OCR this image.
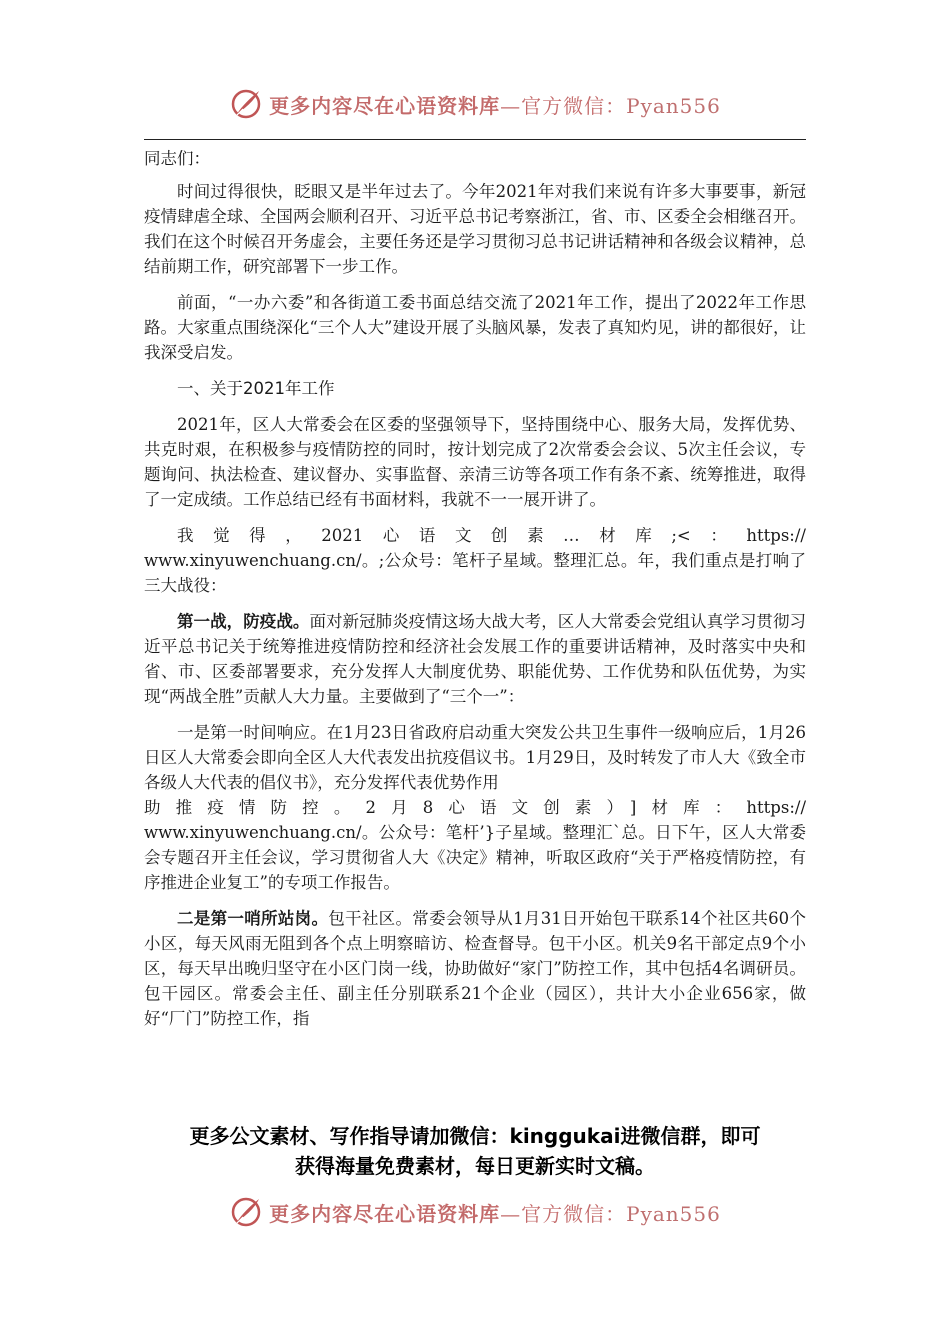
更多内容尽在心语资料库—官方微信：Pyan556

同志们：

时间过得很快，眨眼又是半年过去了。今年2021年对我们来说有许多大事要事，新冠疫情肆虐全球、全国两会顺利召开、习近平总书记考察浙江，省、市、区委全会相继召开。我们在这个时候召开务虚会，主要任务还是学习贯彻习总书记讲话精神和各级会议精神，总结前期工作，研究部署下一步工作。

前面，“一办六委”和各街道工委书面总结交流了2021年工作，提出了2022年工作思路。大家重点围绕深化“三个人大”建设开展了头脑风暴，发表了真知灼见，讲的都很好，让我深受启发。

一、关于2021年工作

2021年，区人大常委会在区委的坚强领导下，坚持围绕中心、服务大局，发挥优势、共克时艰，在积极参与疫情防控的同时，按计划完成了2次常委会会议、5次主任会议，专题询问、执法检查、建议督办、实事监督、亲清三访等各项工作有条不紊、统筹推进，取得了一定成绩。工作总结已经有书面材料，我就不一一展开讲了。

我觉得，2021心语文创素…材库;<：https://
www.xinyuwenchuang.cn/。;公众号：笔杆子星域。整理汇总。年，我们重点是打响了三大战役：

第一战，防疫战。面对新冠肺炎疫情这场大战大考，区人大常委会党组认真学习贯彻习近平总书记关于统筹推进疫情防控和经济社会发展工作的重要讲话精神，及时落实中央和省、市、区委部署要求，充分发挥人大制度优势、职能优势、工作优势和队伍优势，为实现“两战全胜”贡献人大力量。主要做到了“三个一”：

一是第一时间响应。在1月23日省政府启动重大突发公共卫生事件一级响应后，1月26日区人大常委会即向全区人大代表发出抗疫倡议书。1月29日，及时转发了市人大《致全市各级人大代表的倡仪书》，充分发挥代表优势作用
助推疫情防控。2月8心语文创素）]材库：https://
www.xinyuwenchuang.cn/。公众号：笔杆’}子星域。整理汇`总。日下午，区人大常委会专题召开主任会议，学习贯彻省人大《决定》精神，听取区政府“关于严格疫情防控，有序推进企业复工”的专项工作报告。

二是第一哨所站岗。包干社区。常委会领导从1月31日开始包干联系14个社区共60个小区，每天风雨无阻到各个点上明察暗访、检查督导。包干小区。机关9名干部定点9个小区，每天早出晚归坚守在小区门岗一线，协助做好“家门”防控工作，其中包括4名调研员。包干园区。常委会主任、副主任分别联系21个企业（园区），共计大小企业656家，做好“厂门”防控工作，指

更多公文素材、写作指导请加微信：kinggukai进微信群，即可
获得海量免费素材，每日更新实时文稿。
更多内容尽在心语资料库—官方微信：Pyan556
